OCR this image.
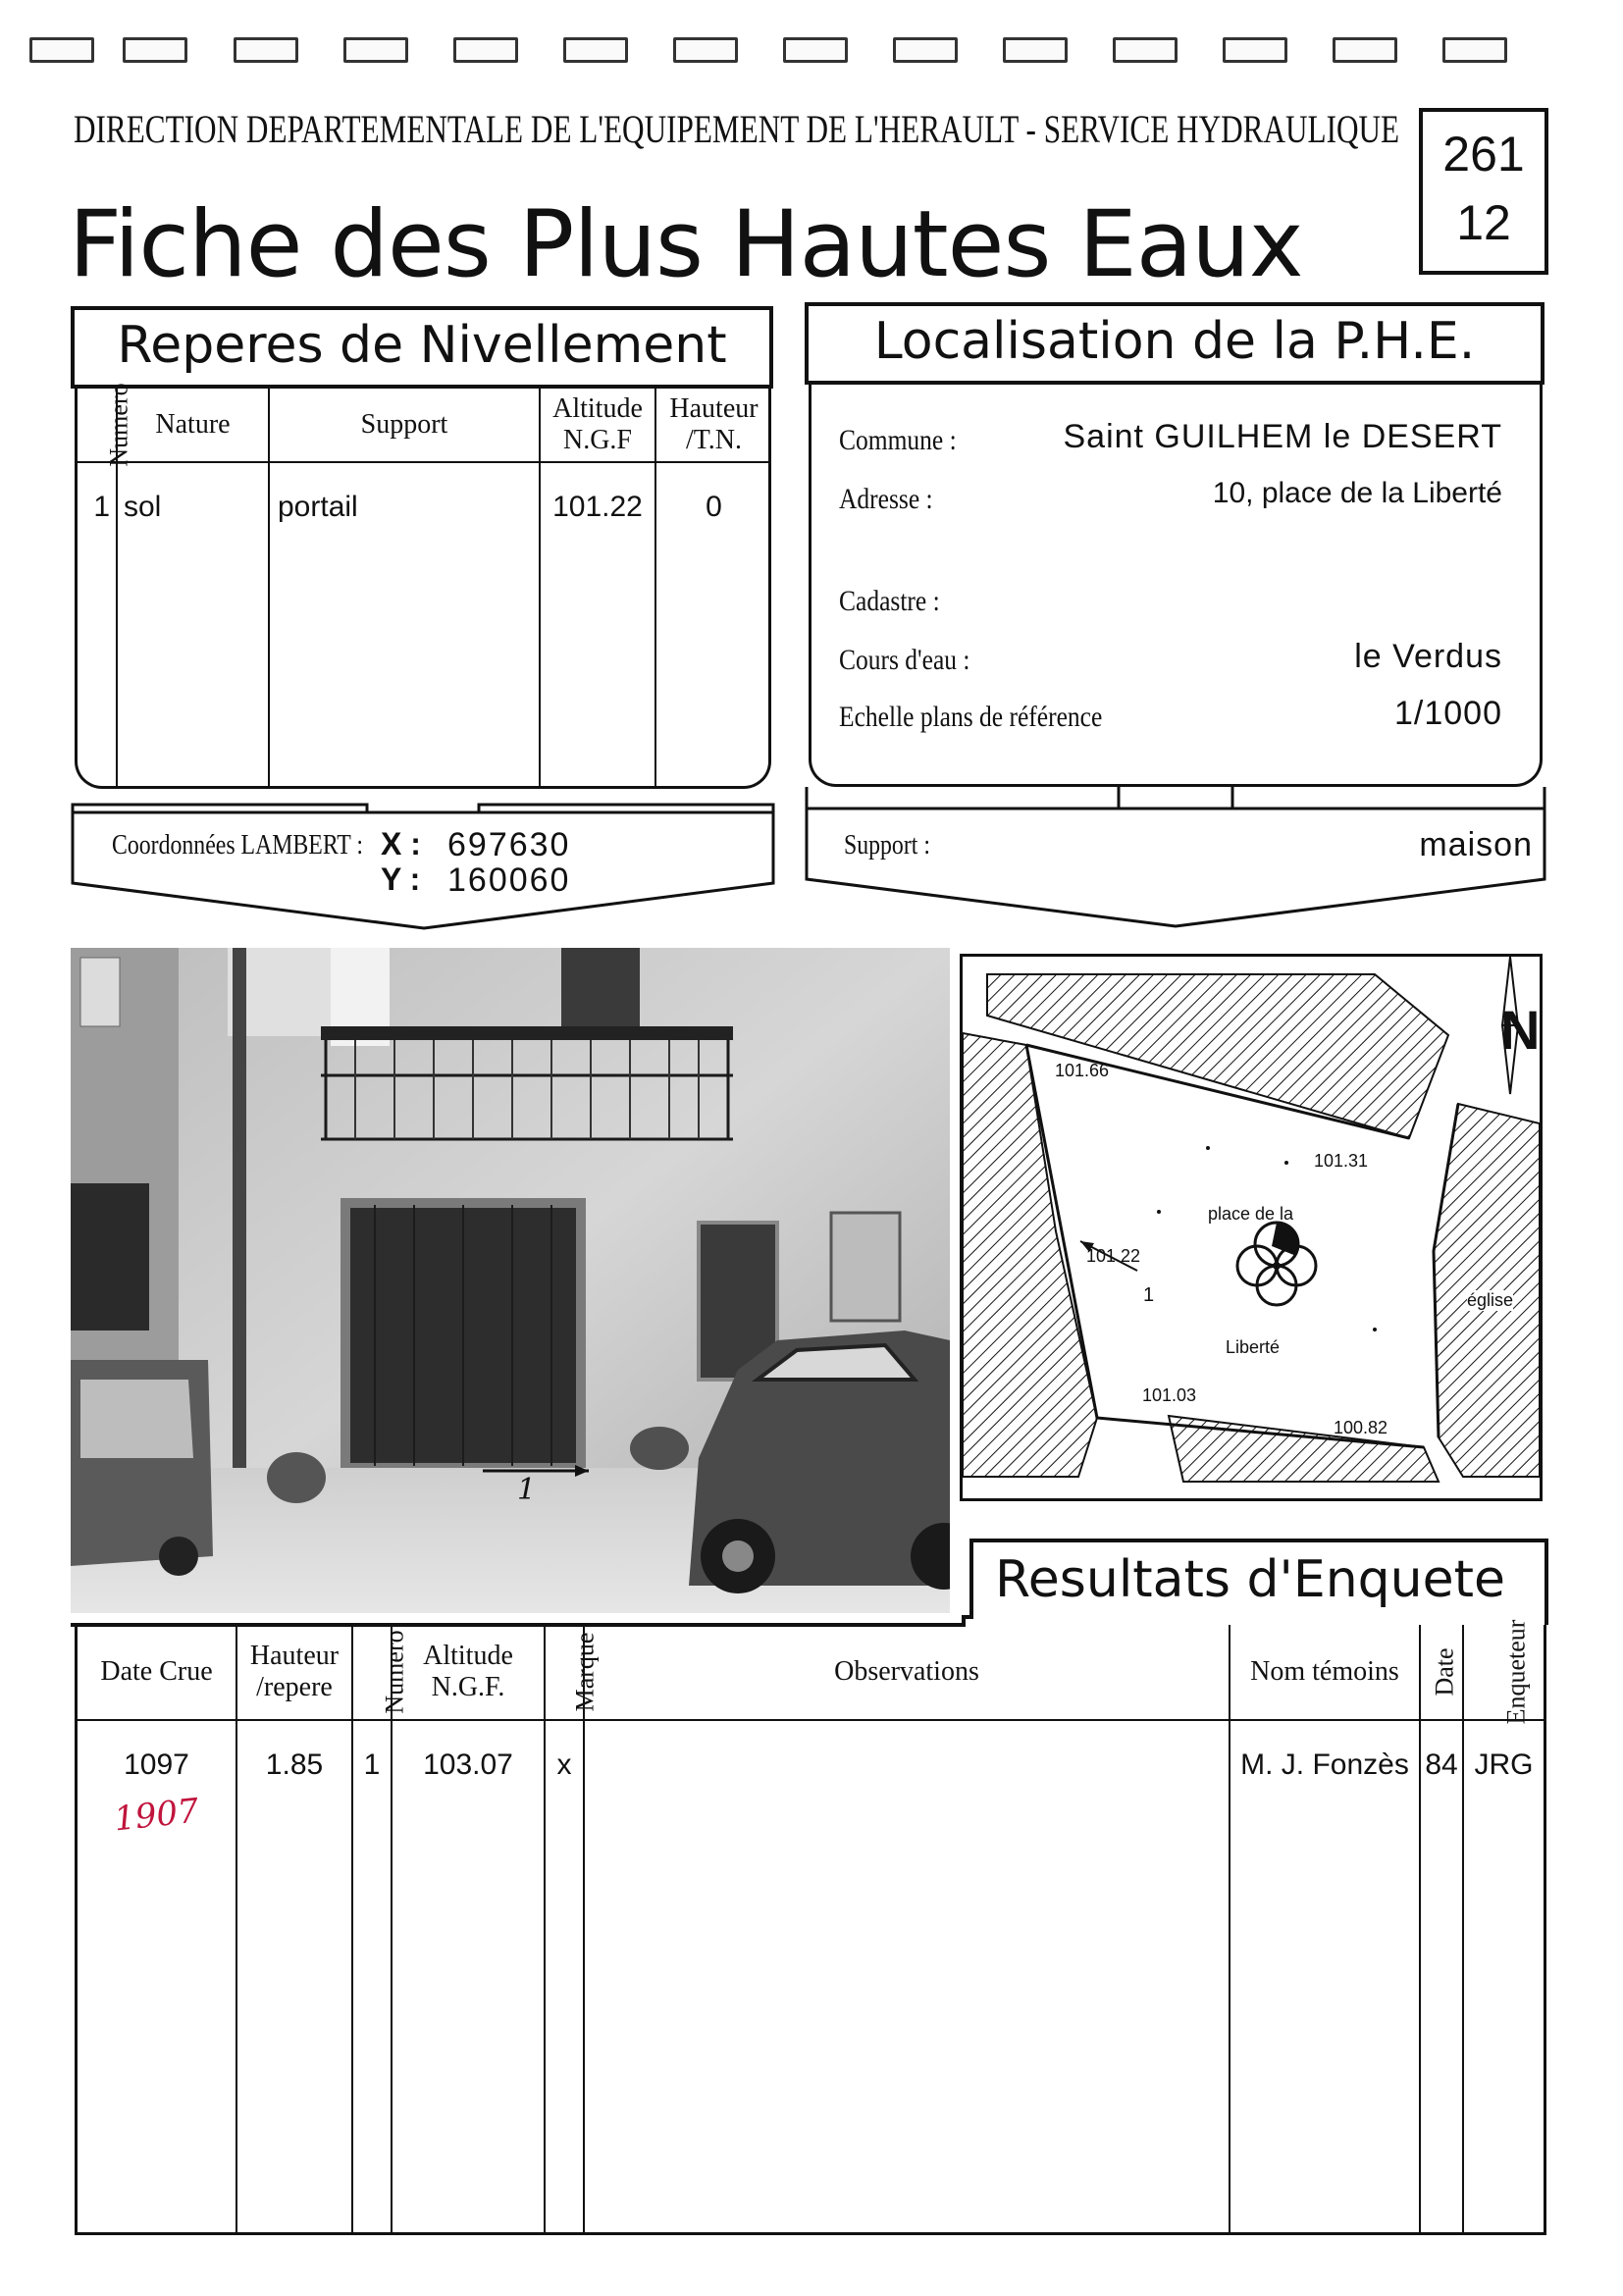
DIRECTION DEPARTEMENTALE DE L'EQUIPEMENT DE L'HERAULT - SERVICE HYDRAULIQUE
Fiche des Plus Hautes Eaux
261
12
Reperes de Nivellement
Numero	Nature	Support	Altitude N.G.F	Hauteur /T.N.
1	sol	portail	101.22	0
Coordonnées LAMBERT : X : 697630
Y : 160060
Localisation de la P.H.E.
Commune :	Saint GUILHEM le DESERT
Adresse :	10, place de la Liberté
Cadastre :
Cours d'eau :	le Verdus
Echelle plans de référence	1/1000
Support :	maison
1
N
101.66
101.31
101.22
101.03
100.82
place de la
Liberté
église
1
Resultats d'Enquete
Date Crue	Hauteur /repere	Numero	Altitude N.G.F.	Marque	Observations	Nom témoins	Date	Enqueteur

1097
1907	1.85	1	103.07	x		M. J. Fonzès	84	JRG
